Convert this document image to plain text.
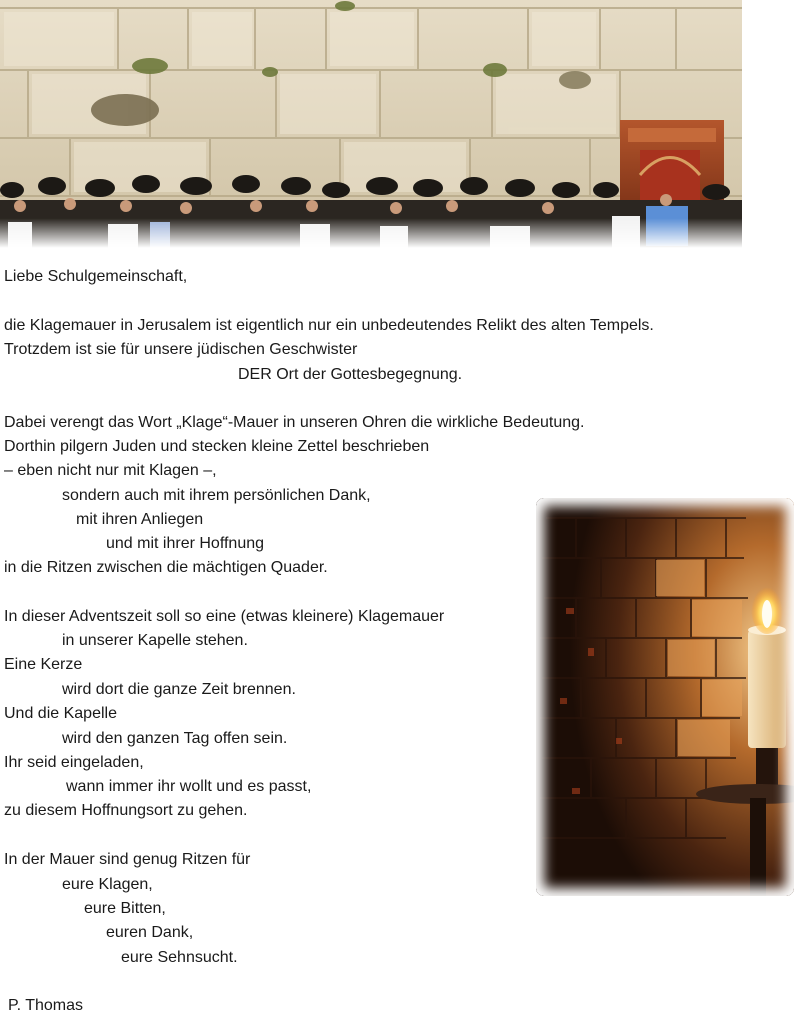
Liebe Schulgemeinschaft,

die Klagemauer in Jerusalem ist eigentlich nur ein unbedeutendes Relikt des alten Tempels.

Trotzdem ist sie für unsere jüdischen Geschwister

DER Ort der Gottesbegegnung.

Dabei verengt das Wort „Klage“-Mauer in unseren Ohren die wirkliche Bedeutung.

Dorthin pilgern Juden und stecken kleine Zettel beschrieben

– eben nicht nur mit Klagen –,

sondern auch mit ihrem persönlichen Dank,

mit ihren Anliegen

und mit ihrer Hoffnung

in die Ritzen zwischen die mächtigen Quader.

In dieser Adventszeit soll so eine (etwas kleinere) Klagemauer

in unserer Kapelle stehen.

Eine Kerze

wird dort die ganze Zeit brennen.

Und die Kapelle

wird den ganzen Tag offen sein.

Ihr seid eingeladen,

wann immer ihr wollt und es passt,

zu diesem Hoffnungsort zu gehen.

In der Mauer sind genug Ritzen für

eure Klagen,

eure Bitten,

euren Dank,

eure Sehnsucht.

P. Thomas
